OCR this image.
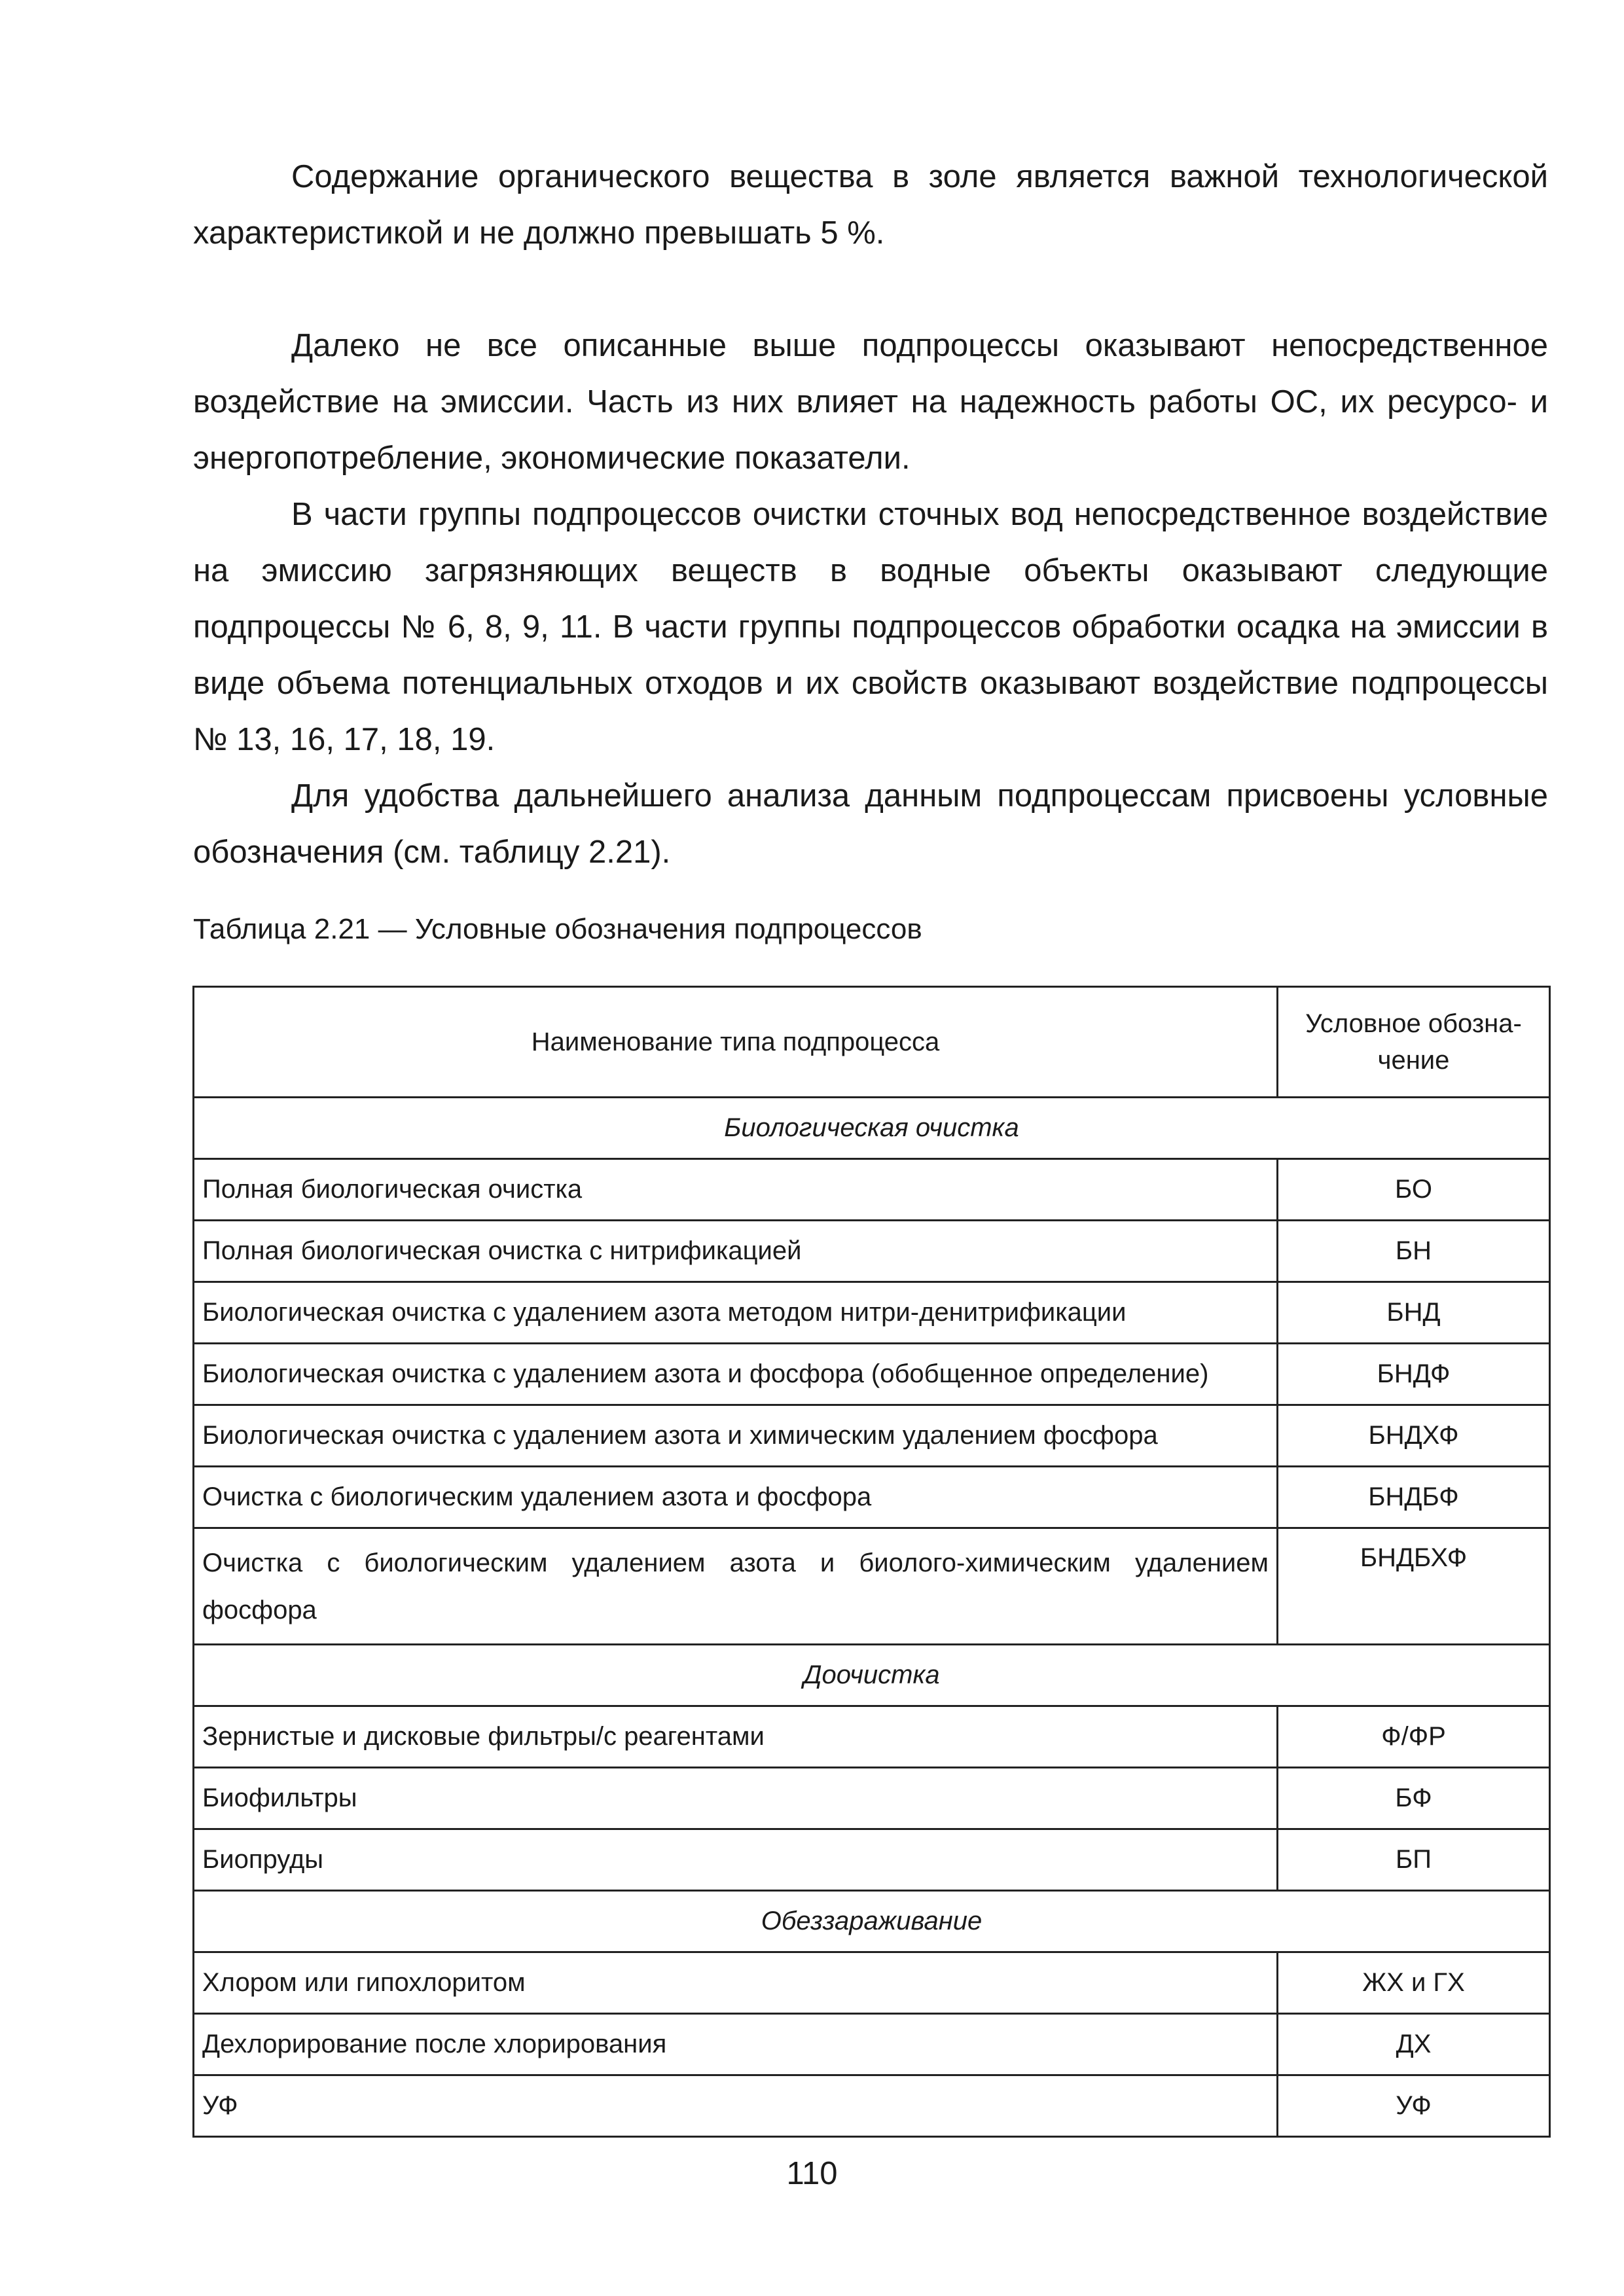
Содержание органического вещества в золе является важной технологической характеристикой и не должно превышать 5 %.

Далеко не все описанные выше подпроцессы оказывают непосредственное воздействие на эмиссии. Часть из них влияет на надежность работы ОС, их ресурсо- и энергопотребление, экономические показатели.

В части группы подпроцессов очистки сточных вод непосредственное воздействие на эмиссию загрязняющих веществ в водные объекты оказывают следующие подпроцессы № 6, 8, 9, 11. В части группы подпроцессов обработки осадка на эмиссии в виде объема потенциальных отходов и их свойств оказывают воздействие подпроцессы № 13, 16, 17, 18, 19.

Для удобства дальнейшего анализа данным подпроцессам присвоены условные обозначения (см. таблицу 2.21).

Таблица 2.21 — Условные обозначения подпроцессов
Наименование типа подпроцесса	Условное обозна-
чение
Биологическая очистка	
Полная биологическая очистка	БО
Полная биологическая очистка с нитрификацией	БН
Биологическая очистка с удалением азота методом нитри-денитрификации	БНД
Биологическая очистка с удалением азота и фосфора (обобщенное определение)	БНДФ
Биологическая очистка с удалением азота и химическим удалением фосфора	БНДХФ
Очистка с биологическим удалением азота и фосфора	БНДБФ
Очистка с биологическим удалением азота и биолого-химическим удалением фосфора	БНДБХФ
Доочистка	
Зернистые и дисковые фильтры/с реагентами	Ф/ФР
Биофильтры	БФ
Биопруды	БП
Обеззараживание	
Хлором или гипохлоритом	ЖХ и ГХ
Дехлорирование после хлорирования	ДХ
УФ	УФ
110
